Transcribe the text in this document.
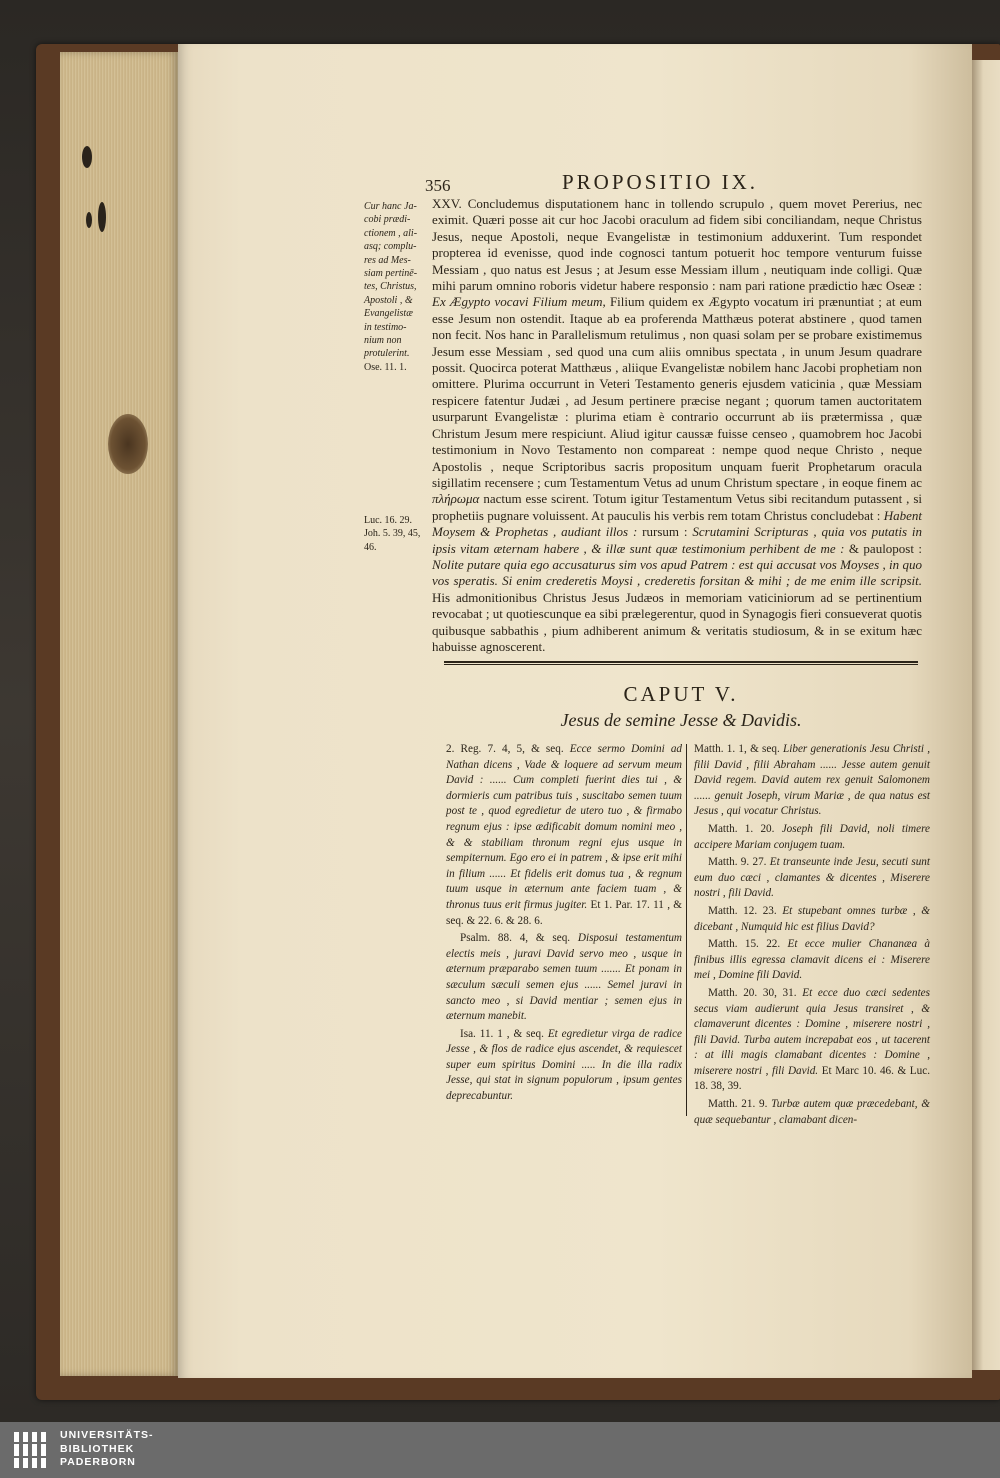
356	PROPOSITIO IX.
Cur hanc Ja-
cobi prædi-
ctionem , ali-
asq; complu-
res ad Mes-
siam pertinē-
tes, Christus,
Apostoli , &
Evangelistæ
in testimo-
nium non
protulerint.
Ose. 11. 1.
Luc. 16. 29.
Joh. 5. 39, 45,
46.

XXV. Concludemus disputationem hanc in tollendo scrupulo , quem movet Pererius, nec eximit. Quæri posse ait cur hoc Jacobi oraculum ad fidem sibi conciliandam, neque Christus Jesus, neque Apostoli, neque Evangelistæ in testimonium adduxerint. Tum respondet propterea id evenisse, quod inde cognosci tantum potuerit hoc tempore venturum fuisse Messiam , quo natus est Jesus ; at Jesum esse Messiam illum , neutiquam inde colligi. Quæ mihi parum omnino roboris videtur habere responsio : nam pari ratione prædictio hæc Oseæ : Ex Ægypto vocavi Filium meum, Filium quidem ex Ægypto vocatum iri prænuntiat ; at eum esse Jesum non ostendit. Itaque ab ea proferenda Matthæus poterat abstinere , quod tamen non fecit. Nos hanc in Parallelismum retulimus , non quasi solam per se probare existimemus Jesum esse Messiam , sed quod una cum aliis omnibus spectata , in unum Jesum quadrare possit. Quocirca poterat Matthæus , aliique Evangelistæ nobilem hanc Jacobi prophetiam non omittere. Plurima occurrunt in Veteri Testamento generis ejusdem vaticinia , quæ Messiam respicere fatentur Judæi , ad Jesum pertinere præcise negant ; quorum tamen auctoritatem usurparunt Evangelistæ : plurima etiam è contrario occurrunt ab iis prætermissa , quæ Christum Jesum mere respiciunt. Aliud igitur caussæ fuisse censeo , quamobrem hoc Jacobi testimonium in Novo Testamento non compareat : nempe quod neque Christo , neque Apostolis , neque Scriptoribus sacris propositum unquam fuerit Prophetarum oracula sigillatim recensere ; cum Testamentum Vetus ad unum Christum spectare , in eoque finem ac πλήρωμα nactum esse scirent. Totum igitur Testamentum Vetus sibi recitandum putassent , si prophetiis pugnare voluissent. At pauculis his verbis rem totam Christus concludebat : Habent Moysem & Prophetas , audiant illos : rursum : Scrutamini Scripturas , quia vos putatis in ipsis vitam æternam habere , & illæ sunt quæ testimonium perhibent de me : & paulopost : Nolite putare quia ego accusaturus sim vos apud Patrem : est qui accusat vos Moyses , in quo vos speratis. Si enim crederetis Moysi , crederetis forsitan & mihi ; de me enim ille scripsit. His admonitionibus Christus Jesus Judæos in memoriam vaticiniorum ad se pertinentium revocabat ; ut quotiescunque ea sibi prælegerentur, quod in Synagogis fieri consueverat quotis quibusque sabbathis , pium adhiberent animum & veritatis studiosum, & in se exitum hæc habuisse agnoscerent.

CAPUT V.
Jesus de semine Jesse & Davidis.

2. Reg. 7. 4, 5, & seq. Ecce sermo Domini ad Nathan dicens , Vade & loquere ad servum meum David : ...... Cum completi fuerint dies tui , & dormieris cum patribus tuis , suscitabo semen tuum post te , quod egredietur de utero tuo , & firmabo regnum ejus : ipse ædificabit domum nomini meo , & & stabiliam thronum regni ejus usque in sempiternum. Ego ero ei in patrem , & ipse erit mihi in filium ...... Et fidelis erit domus tua , & regnum tuum usque in æternum ante faciem tuam , & thronus tuus erit firmus jugiter. Et 1. Par. 17. 11 , & seq. & 22. 6. & 28. 6.

Psalm. 88. 4, & seq. Disposui testamentum electis meis , juravi David servo meo , usque in æternum præparabo semen tuum ....... Et ponam in sæculum sæculi semen ejus ...... Semel juravi in sancto meo , si David mentiar ; semen ejus in æternum manebit.

Isa. 11. 1 , & seq. Et egredietur virga de radice Jesse , & flos de radice ejus ascendet, & requiescet super eum spiritus Domini ..... In die illa radix Jesse, qui stat in signum populorum , ipsum gentes deprecabuntur.

Matth. 1. 1, & seq. Liber generationis Jesu Christi , filii David , filii Abraham ...... Jesse autem genuit David regem. David autem rex genuit Salomonem ...... genuit Joseph, virum Mariæ , de qua natus est Jesus , qui vocatur Christus.

Matth. 1. 20. Joseph fili David, noli timere accipere Mariam conjugem tuam.

Matth. 9. 27. Et transeunte inde Jesu, secuti sunt eum duo cæci , clamantes & dicentes , Miserere nostri , fili David.

Matth. 12. 23. Et stupebant omnes turbæ , & dicebant , Numquid hic est filius David?

Matth. 15. 22. Et ecce mulier Chananæa à finibus illis egressa clamavit dicens ei : Miserere mei , Domine fili David.

Matth. 20. 30, 31. Et ecce duo cæci sedentes secus viam audierunt quia Jesus transiret , & clamaverunt dicentes : Domine , miserere nostri , fili David. Turba autem increpabat eos , ut tacerent : at illi magis clamabant dicentes : Domine , miserere nostri , fili David. Et Marc 10. 46. & Luc. 18. 38, 39.

Matth. 21. 9. Turbæ autem quæ præcedebant, & quæ sequebantur , clamabant dicen-

UNIVERSITÄTS-
BIBLIOTHEK
PADERBORN
